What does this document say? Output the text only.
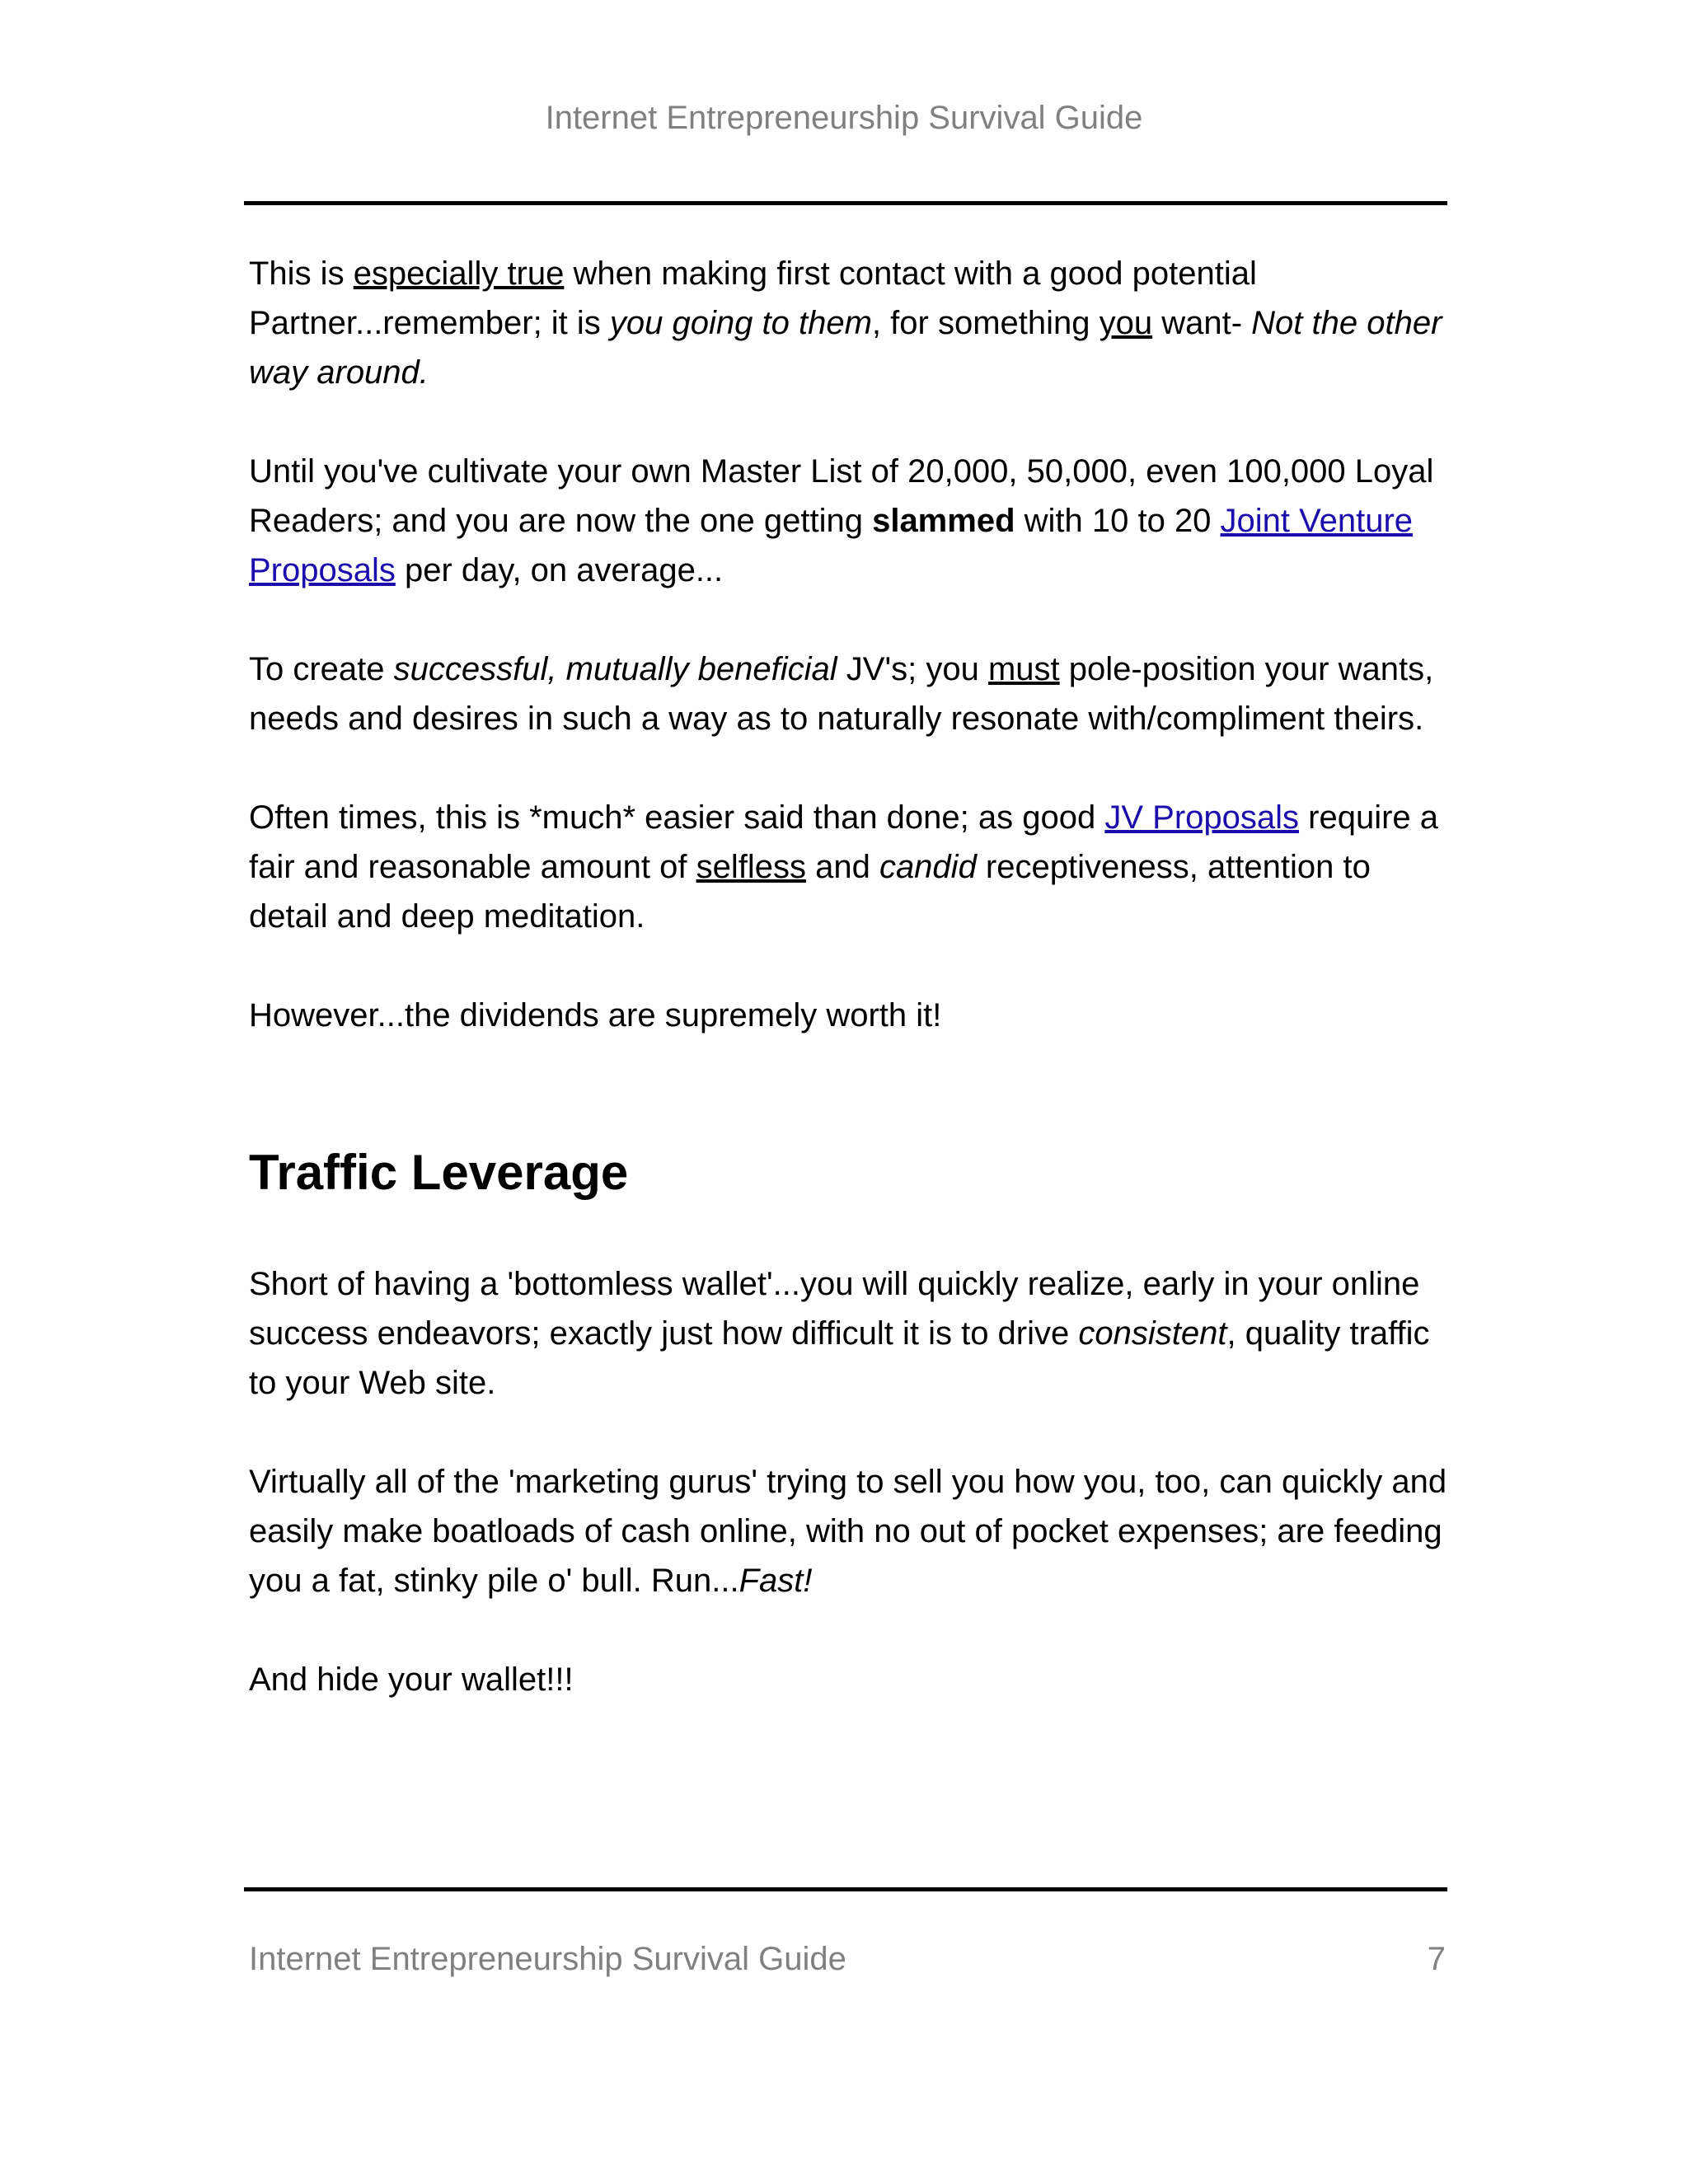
Internet Entrepreneurship Survival Guide

This is especially true when making first contact with a good potential Partner...remember; it is you going to them, for something you want- Not the other way around.

Until you've cultivate your own Master List of 20,000, 50,000, even 100,000 Loyal Readers; and you are now the one getting slammed with 10 to 20 Joint Venture Proposals per day, on average...

To create successful, mutually beneficial JV's; you must pole-position your wants, needs and desires in such a way as to naturally resonate with/compliment theirs.

Often times, this is *much* easier said than done; as good JV Proposals require a fair and reasonable amount of selfless and candid receptiveness, attention to detail and deep meditation.

However...the dividends are supremely worth it!

Traffic Leverage

Short of having a 'bottomless wallet'...you will quickly realize, early in your online success endeavors; exactly just how difficult it is to drive consistent, quality traffic to your Web site.

Virtually all of the 'marketing gurus' trying to sell you how you, too, can quickly and easily make boatloads of cash online, with no out of pocket expenses; are feeding you a fat, stinky pile o' bull. Run...Fast!

And hide your wallet!!!

Internet Entrepreneurship Survival Guide	7
